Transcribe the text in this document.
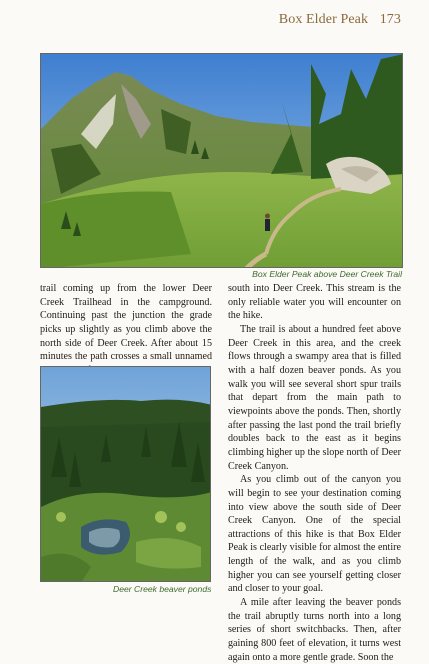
Box Elder Peak 173
Box Elder Peak above Deer Creek Trail

trail coming up from the lower Deer Creek Trailhead in the campground. Continuing past the junction the grade picks up slightly as you climb above the north side of Deer Creek. After about 15 minutes the path crosses a small unnamed

Deer Creek beaver ponds

south into Deer Creek. This stream is the only reliable water you will encounter on the hike.

The trail is about a hundred feet above Deer Creek in this area, and the creek flows through a swampy area that is filled with a half dozen beaver ponds. As you walk you will see several short spur trails that depart from the main path to viewpoints above the ponds. Then, shortly after passing the last pond the trail briefly doubles back to the east as it begins climbing higher up the slope north of Deer Creek Canyon.

As you climb out of the canyon you will begin to see your destination coming into view above the south side of Deer Creek Canyon. One of the special attractions of this hike is that Box Elder Peak is clearly visible for almost the entire length of the walk, and as you climb higher you can see yourself getting closer and closer to your goal.

A mile after leaving the beaver ponds the trail abruptly turns north into a long series of short switchbacks. Then, after gaining 800 feet of elevation, it turns west again onto a more gentle grade. Soon the
